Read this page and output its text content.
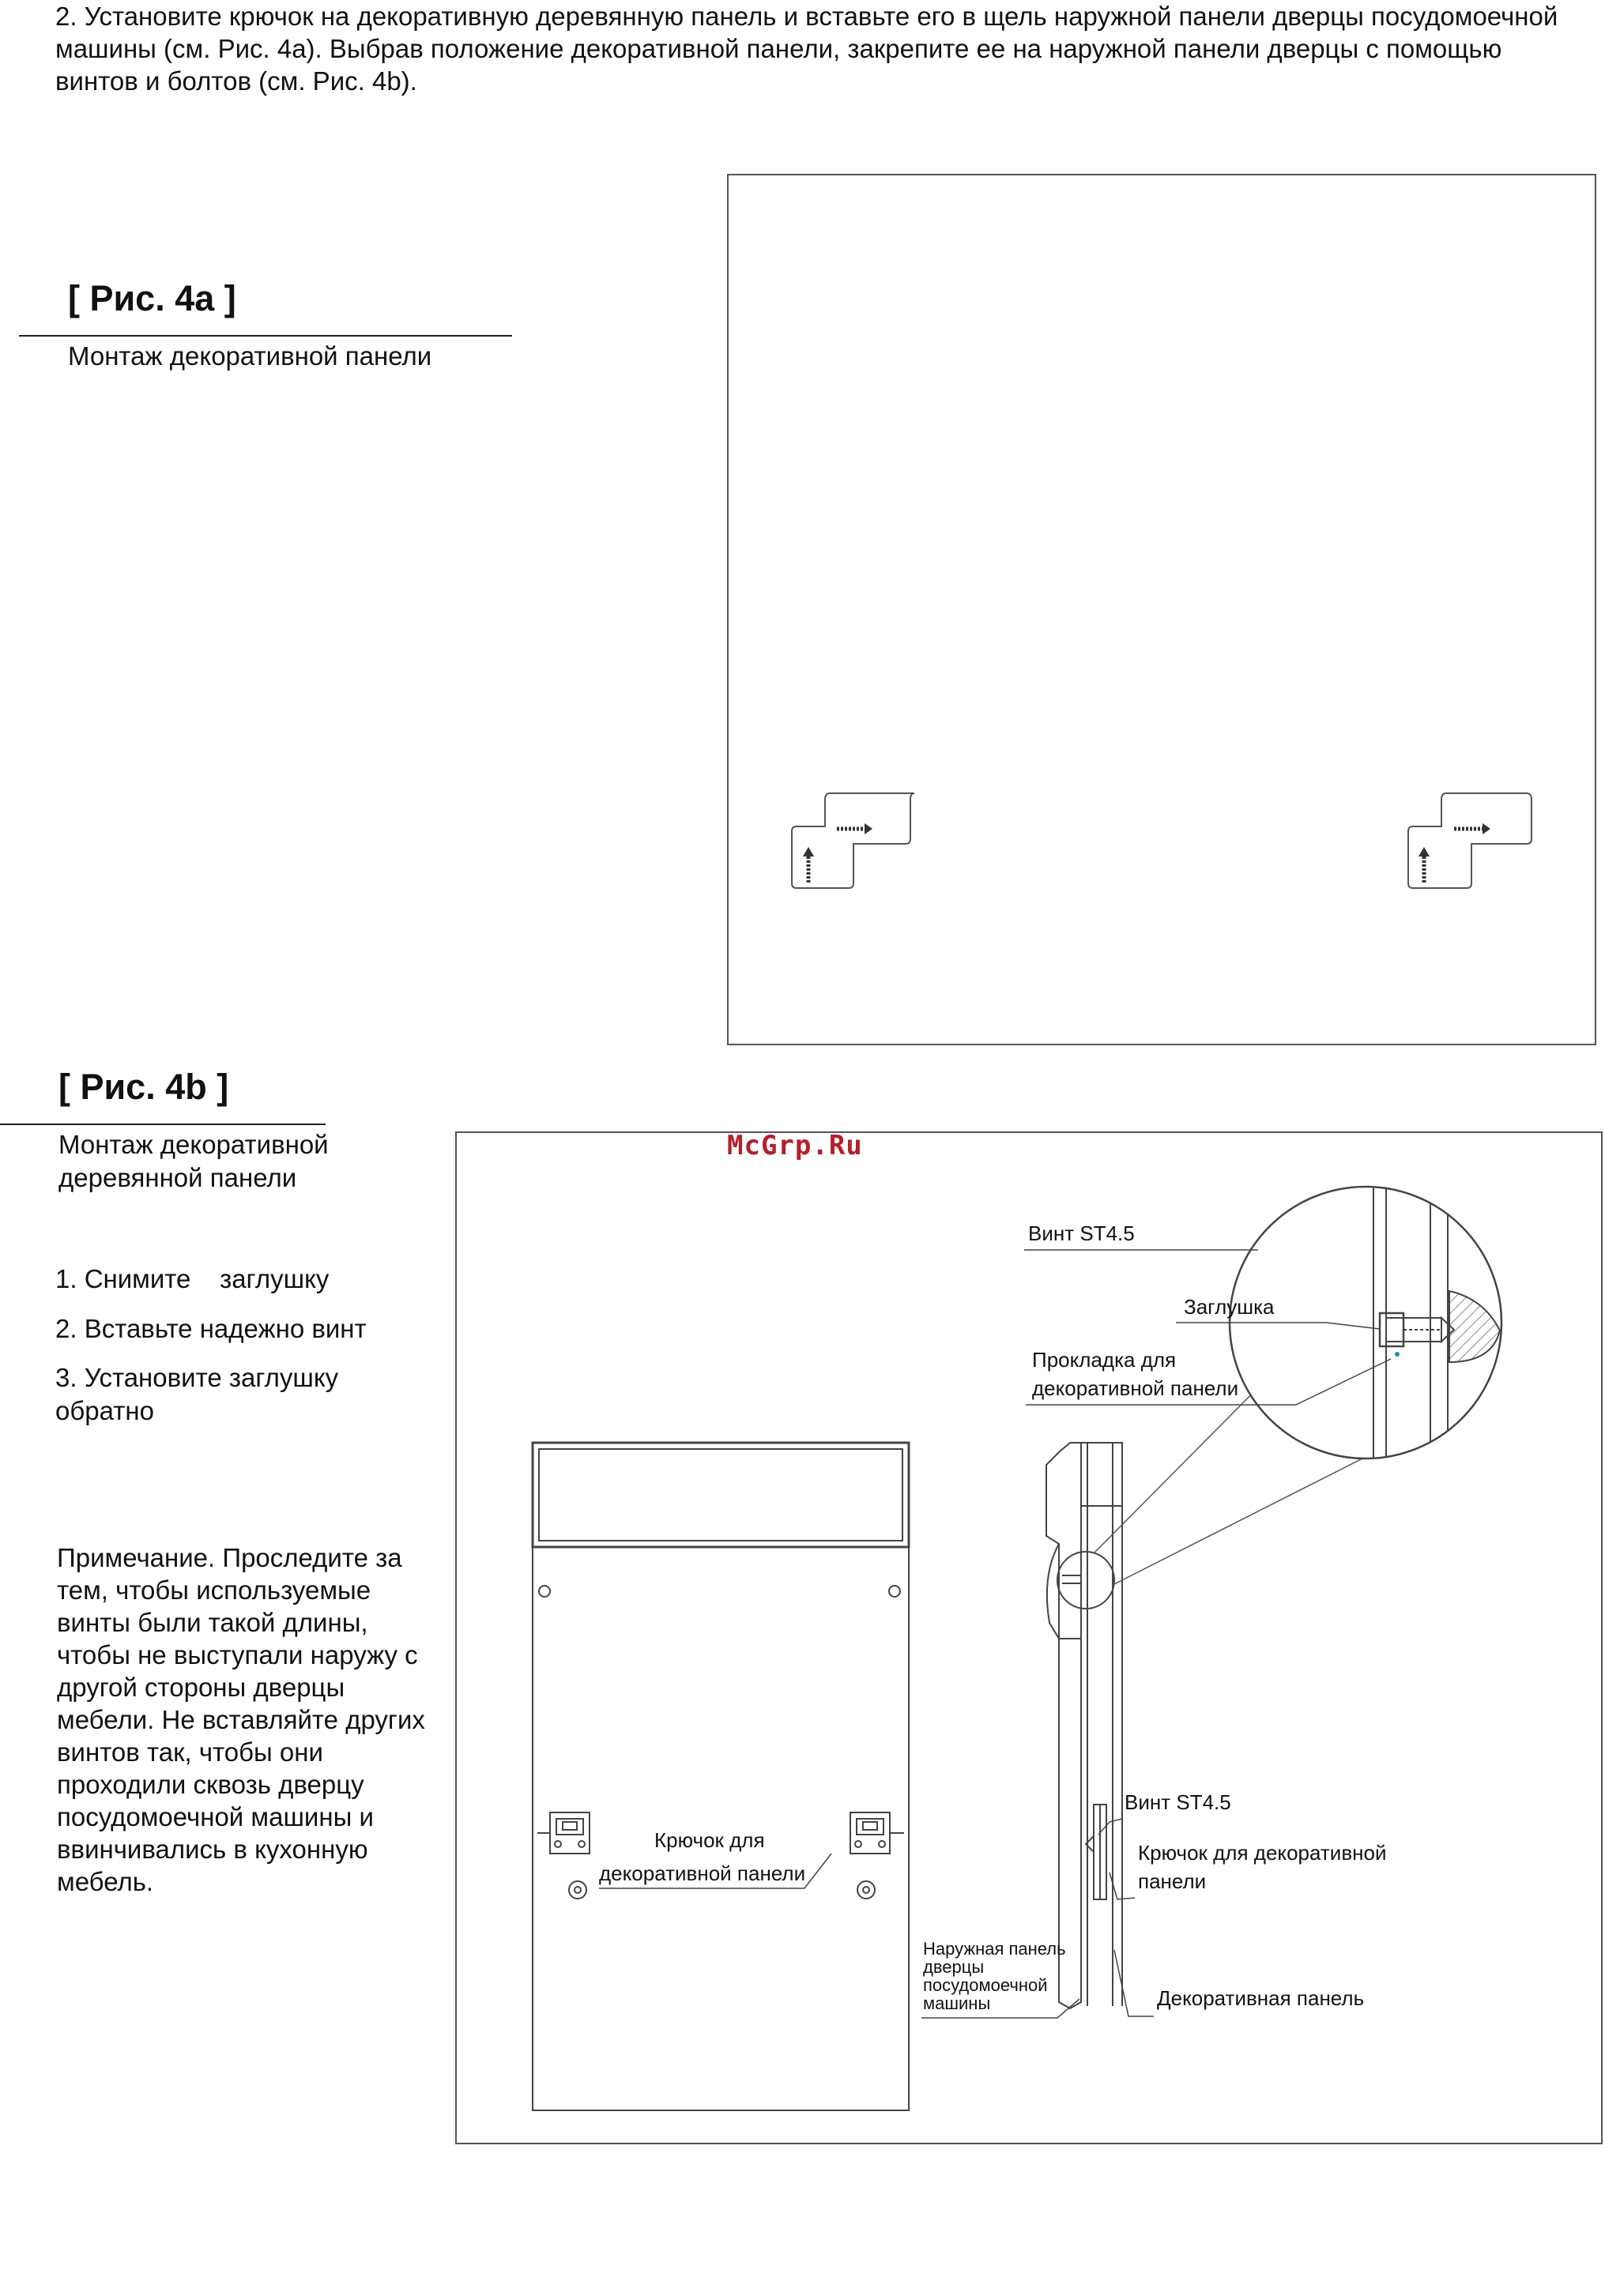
2. Установите крючок на декоративную деревянную панель и вставьте его в щель наружной панели дверцы посудомоечной машины (см. Рис. 4а). Выбрав положение декоративной панели, закрепите ее на наружной панели дверцы с помощью винтов и болтов (см. Рис. 4b).

[ Рис. 4а ]

Монтаж декоративной панели

[ Рис. 4b ]

Монтаж декоративной

деревянной панели

1. Снимите    заглушку

2. Вставьте надежно винт

3. Установите заглушку

обратно

Примечание. Проследите за

тем, чтобы используемые

винты были такой длины,

чтобы не выступали наружу с

другой стороны дверцы

мебели. Не вставляйте других

винтов так, чтобы они

проходили сквозь дверцу

посудомоечной машины и

ввинчивались в кухонную

мебель.

Крючок для
декоративной панели
Винт ST4.5
Заглушка
Прокладка для
декоративной панели
Винт ST4.5
Крючок для декоративной
панели
Наружная панель
дверцы
посудомоечной
машины	Декоративная панель
McGrp.Ru
